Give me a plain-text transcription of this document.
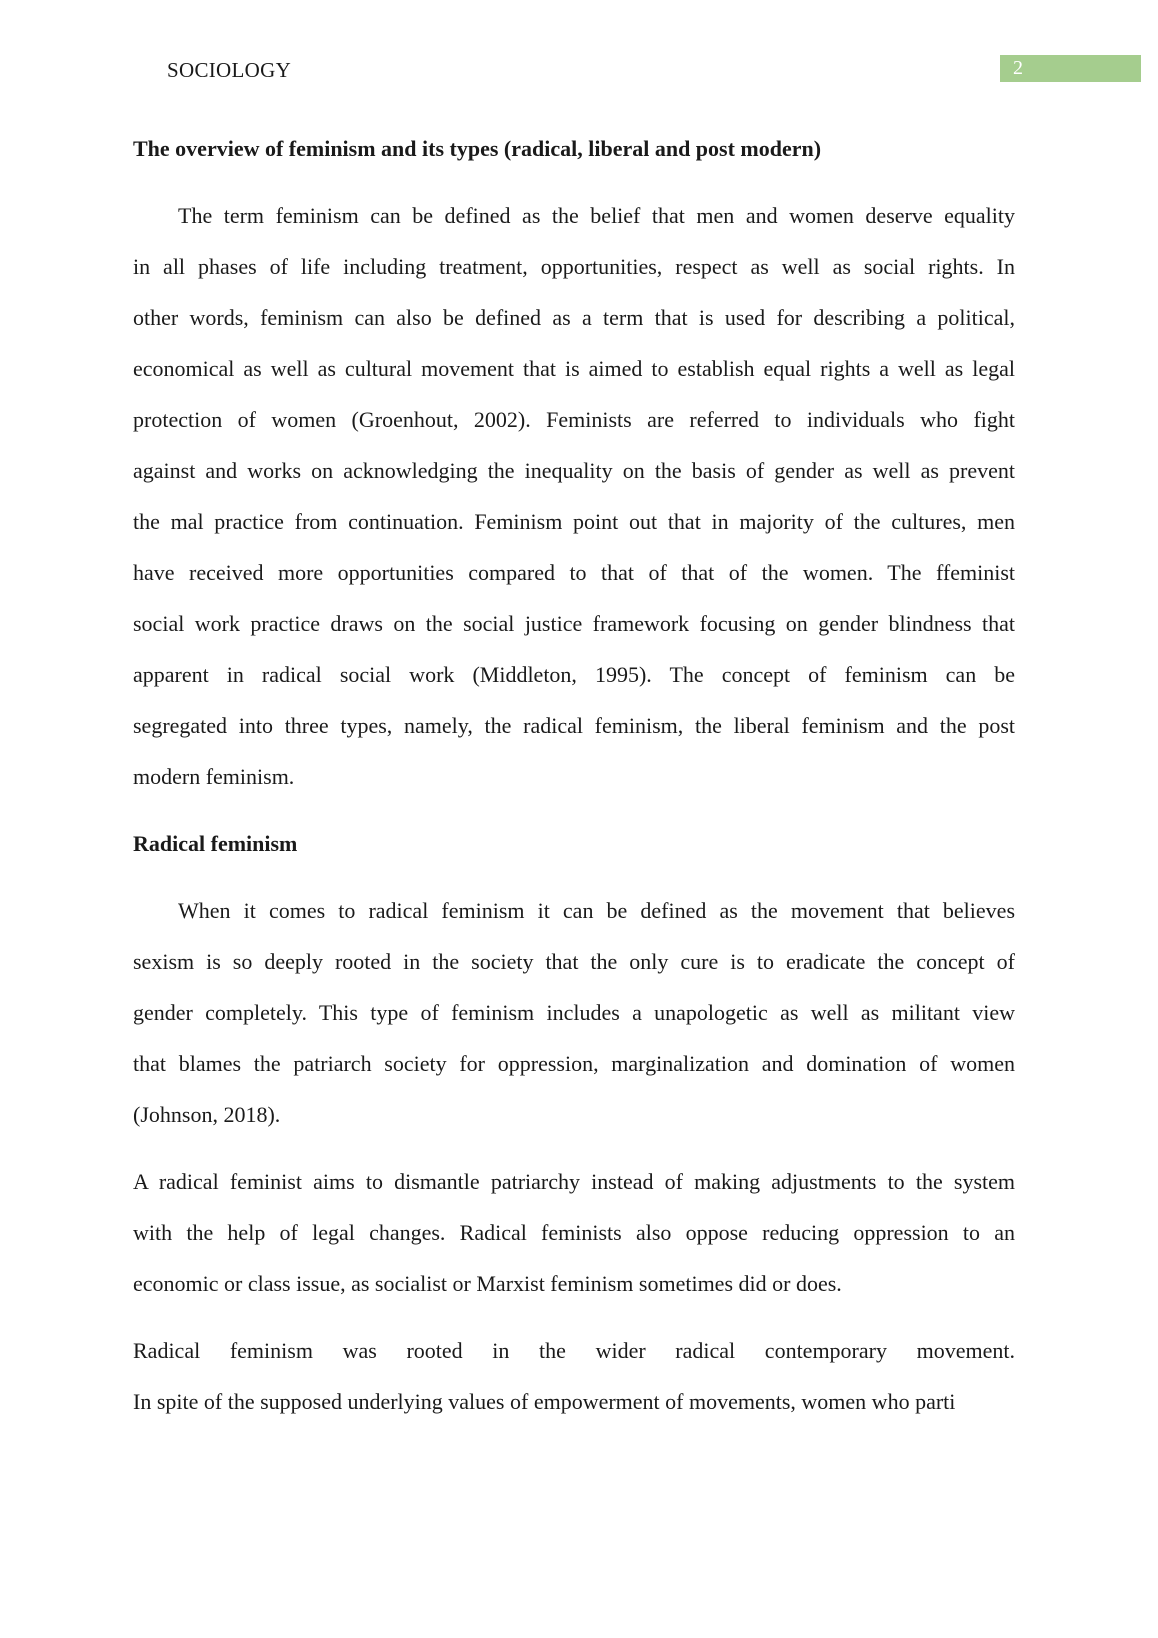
SOCIOLOGY	2
The overview of feminism and its types (radical, liberal and post modern)

The term feminism can be defined as the belief that men and women deserve equality
in all phases of life including treatment, opportunities, respect as well as social rights. In
other words, feminism can also be defined as a term that is used for describing a political,
economical as well as cultural movement that is aimed to establish equal rights a well as legal
protection of women (Groenhout, 2002). Feminists are referred to individuals who fight
against and works on acknowledging the inequality on the basis of gender as well as prevent
the mal practice from continuation. Feminism point out that in majority of the cultures, men
have received more opportunities compared to that of that of the women. The ffeminist
social work practice draws on the social justice framework focusing on gender blindness that
apparent in radical social work (Middleton, 1995). The concept of feminism can be
segregated into three types, namely, the radical feminism, the liberal feminism and the post
modern feminism.

Radical feminism

When it comes to radical feminism it can be defined as the movement that believes
sexism is so deeply rooted in the society that the only cure is to eradicate the concept of
gender completely. This type of feminism includes a unapologetic as well as militant view
that blames the patriarch society for oppression, marginalization and domination of women
(Johnson, 2018).

A radical feminist aims to dismantle patriarchy instead of making adjustments to the system
with the help of legal changes. Radical feminists also oppose reducing oppression to an
economic or class issue, as socialist or Marxist feminism sometimes did or does.

Radical feminism was rooted in the wider radical contemporary movement.
In spite of the supposed underlying values of empowerment of movements, women who parti
